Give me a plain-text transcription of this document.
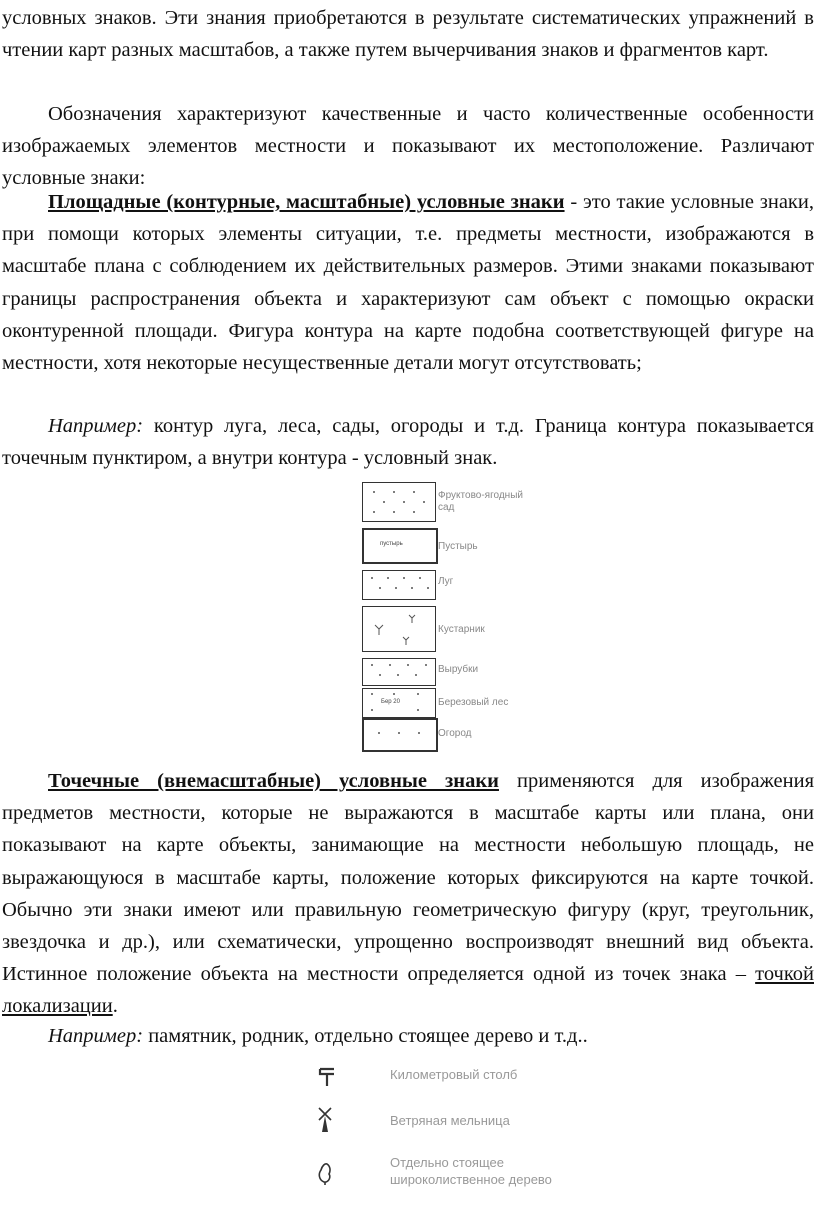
условных знаков. Эти знания приобретаются в результате систематических упражнений в чтении карт разных масштабов, а также путем вычерчивания знаков и фрагментов карт.

Обозначения характеризуют качественные и часто количественные особенности изображаемых элементов местности и показывают их местоположение. Различают условные знаки:

Площадные (контурные, масштабные) условные знаки - это такие условные знаки, при помощи которых элементы ситуации, т.е. предметы местности, изображаются в масштабе плана с соблюдением их действительных размеров. Этими знаками показывают границы распространения объекта и характеризуют сам объект с помощью окраски оконтуренной площади. Фигура контура на карте подобна соответствующей фигуре на местности, хотя некоторые несущественные детали могут отсутствовать;

Например: контур луга, леса, сады, огороды и т.д. Граница контура показывается точечным пунктиром, а внутри контура - условный знак.

Фруктово-ягодный сад
пустырь	Пустырь
Луг
Кустарник
Вырубки
Бер 20	Березовый лес
Огород

Точечные (внемасштабные) условные знаки применяются для изображения предметов местности, которые не выражаются в масштабе карты или плана, они показывают на карте объекты, занимающие на местности небольшую площадь, не выражающуюся в масштабе карты, положение которых фиксируются на карте точкой. Обычно эти знаки имеют или правильную геометрическую фигуру (круг, треугольник, звездочка и др.), или схематически, упрощенно воспроизводят внешний вид объекта. Истинное положение объекта на местности определяется одной из точек знака – точкой локализации.

Например: памятник, родник, отдельно стоящее дерево и т.д..

Километровый столб
Ветряная мельница
Отдельно стоящее широколиственное дерево
